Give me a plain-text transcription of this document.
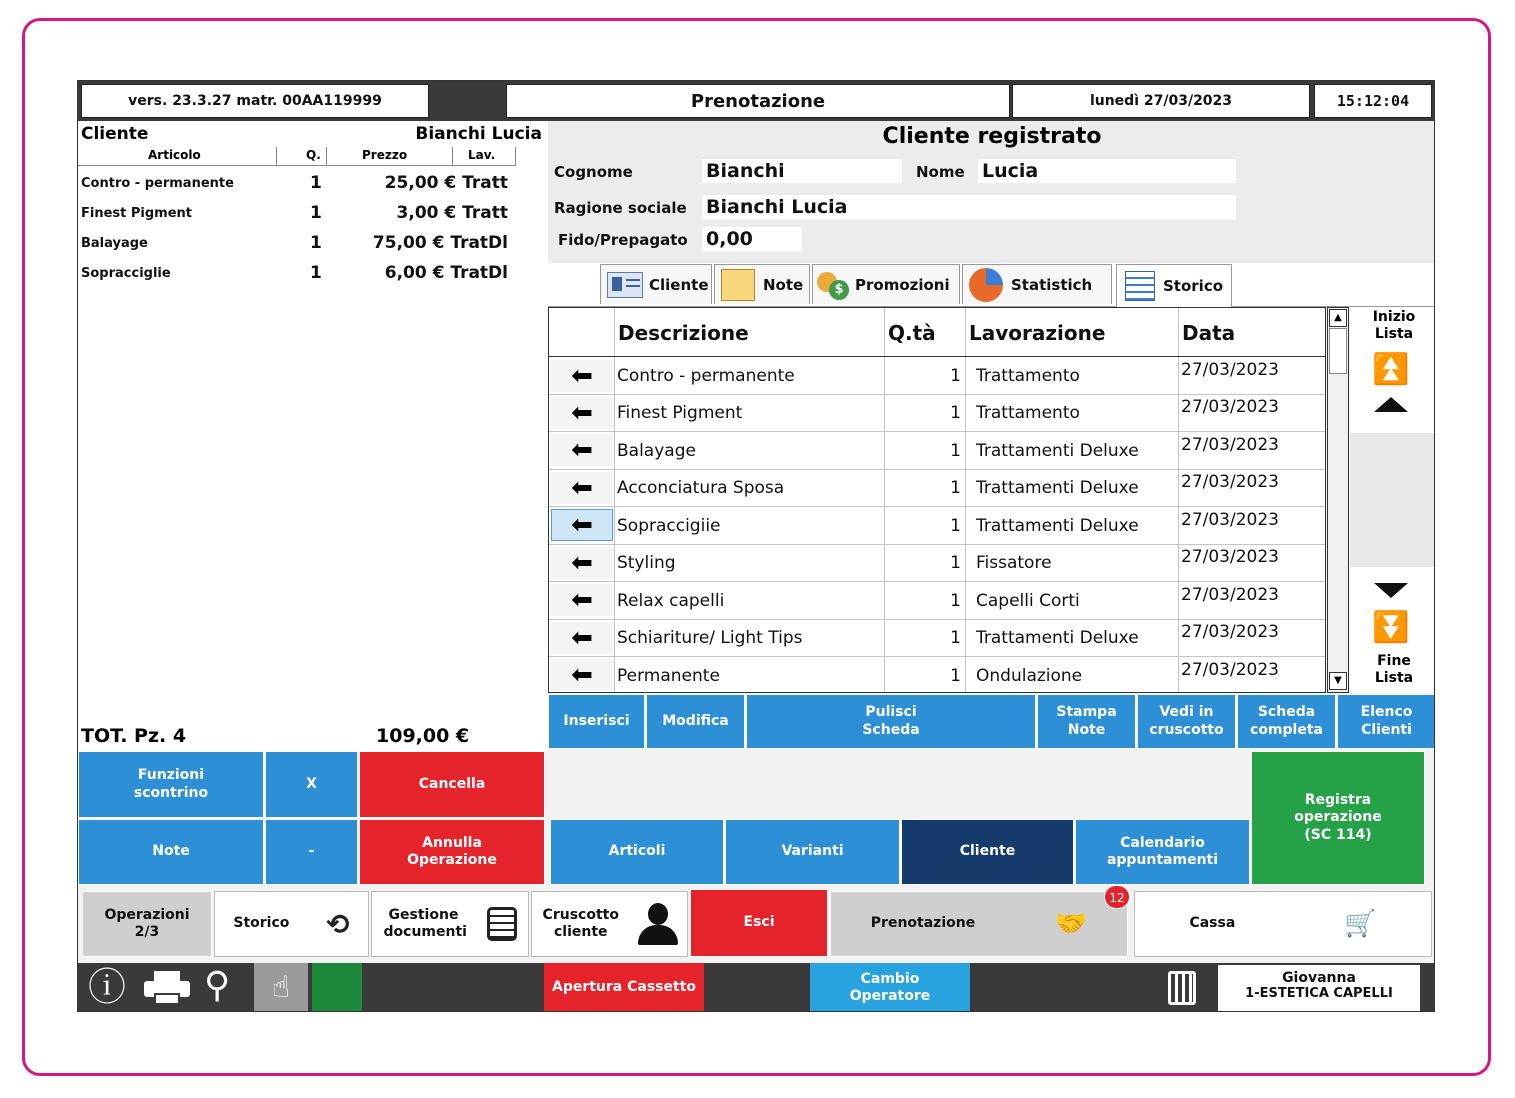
vers. 23.3.27 matr. 00AA119999	Prenotazione	lunedì 27/03/2023	15:12:04
Cliente	Bianchi Lucia
Articolo	Q.	Prezzo	Lav.
Contro - permanente	1	25,00 € Tratt
Finest Pigment	1	3,00 € Tratt
Balayage	1	75,00 € TratDl
Sopracciglie	1	6,00 € TratDl
TOT. Pz. 4	109,00 €
Cliente registrato
Cognome	Bianchi	Nome Lucia
Ragione sociale Bianchi Lucia
Fido/Prepagato 0,00
Cliente	Note	$ Promozioni	Statistich	Storico
Descrizione	Q.tà Lavorazione	Data
⬅ Contro - permanente	1 Trattamento	27/03/2023
⬅ Finest Pigment	1 Trattamento	27/03/2023
⬅ Balayage	1 Trattamenti Deluxe	27/03/2023
⬅ Acconciatura Sposa	1 Trattamenti Deluxe	27/03/2023
⬅ Sopraccigiie	1 Trattamenti Deluxe	27/03/2023
⬅ Styling	1 Fissatore	27/03/2023
⬅ Relax capelli	1 Capelli Corti	27/03/2023
⬅ Schiariture/ Light Tips	1 Trattamenti Deluxe	27/03/2023
⬅ Permanente	1 Ondulazione	27/03/2023
▲
▼
Inizio Lista
⏫
⏬
Fine Lista
Inserisci	Modifica
Pulisci Scheda
Stampa Note
Vedi in cruscotto
Scheda completa
Elenco Clienti
Funzioni scontrino
X	Cancella
Note	-
Annulla Operazione
Articoli	Varianti	Cliente
Calendario appuntamenti
Registra operazione (SC 114)
Operazioni 2/3
Storico ⟲	Gestione documenti
Cruscotto cliente
Esci	Prenotazione	🤝
12
Cassa	🛒
ⓘ ⚲	☝	Apertura Cassetto
Cambio Operatore
Giovanna
1-ESTETICA CAPELLI
